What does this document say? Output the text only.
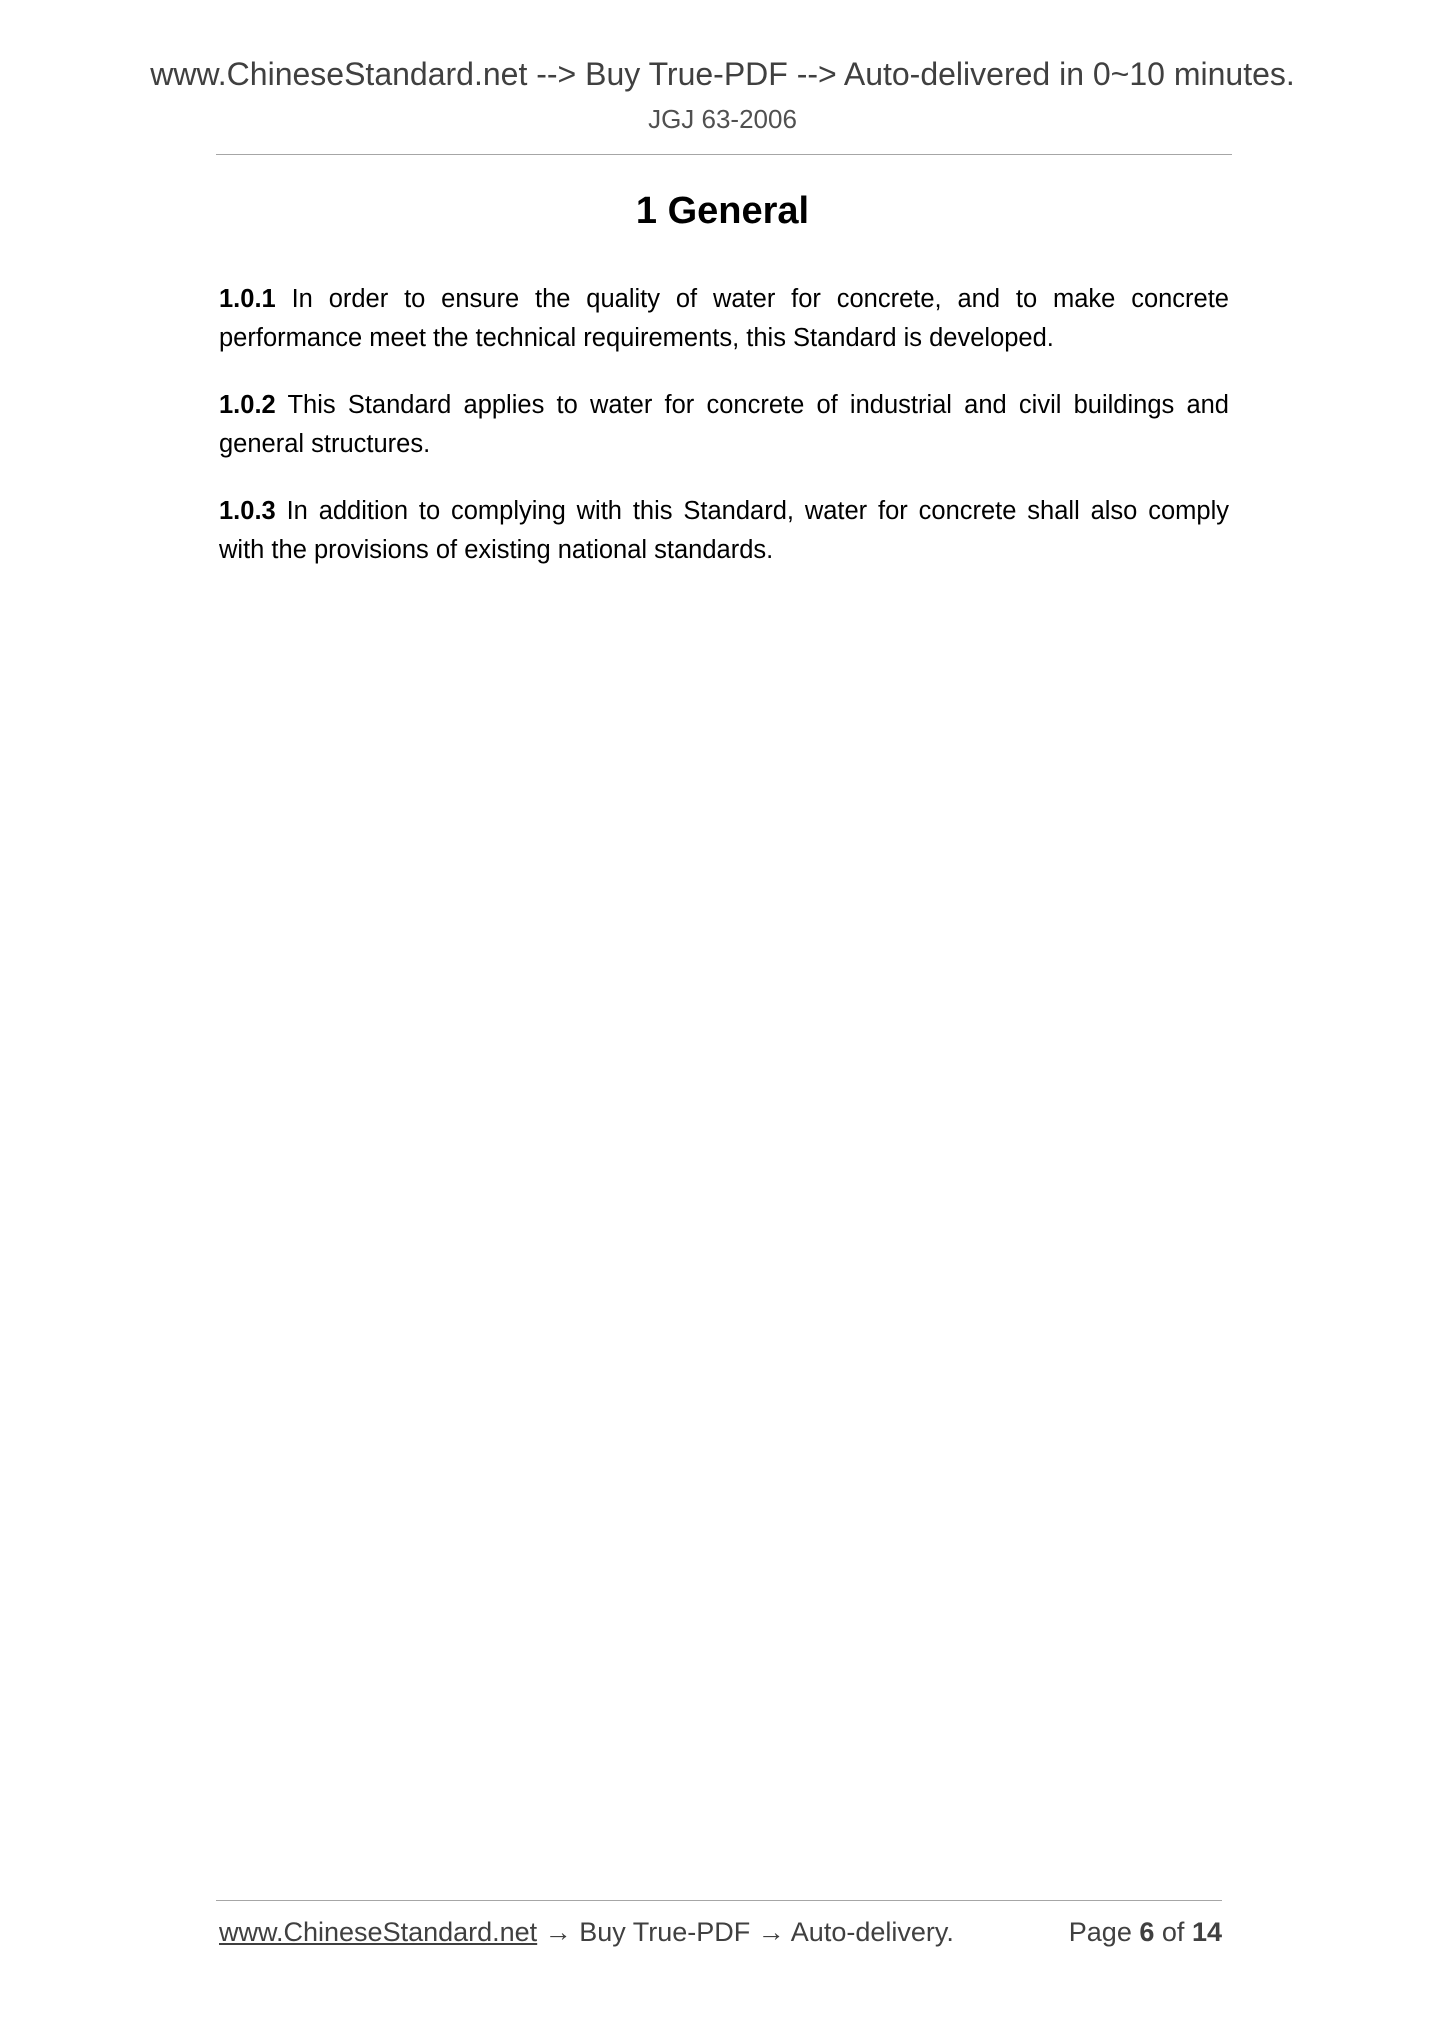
www.ChineseStandard.net --> Buy True-PDF --> Auto-delivered in 0~10 minutes.
JGJ 63-2006
1 General

1.0.1 In order to ensure the quality of water for concrete, and to make concrete performance meet the technical requirements, this Standard is developed.

1.0.2 This Standard applies to water for concrete of industrial and civil buildings and general structures.

1.0.3 In addition to complying with this Standard, water for concrete shall also comply with the provisions of existing national standards.

www.ChineseStandard.net → Buy True-PDF → Auto-delivery.	Page 6 of 14
